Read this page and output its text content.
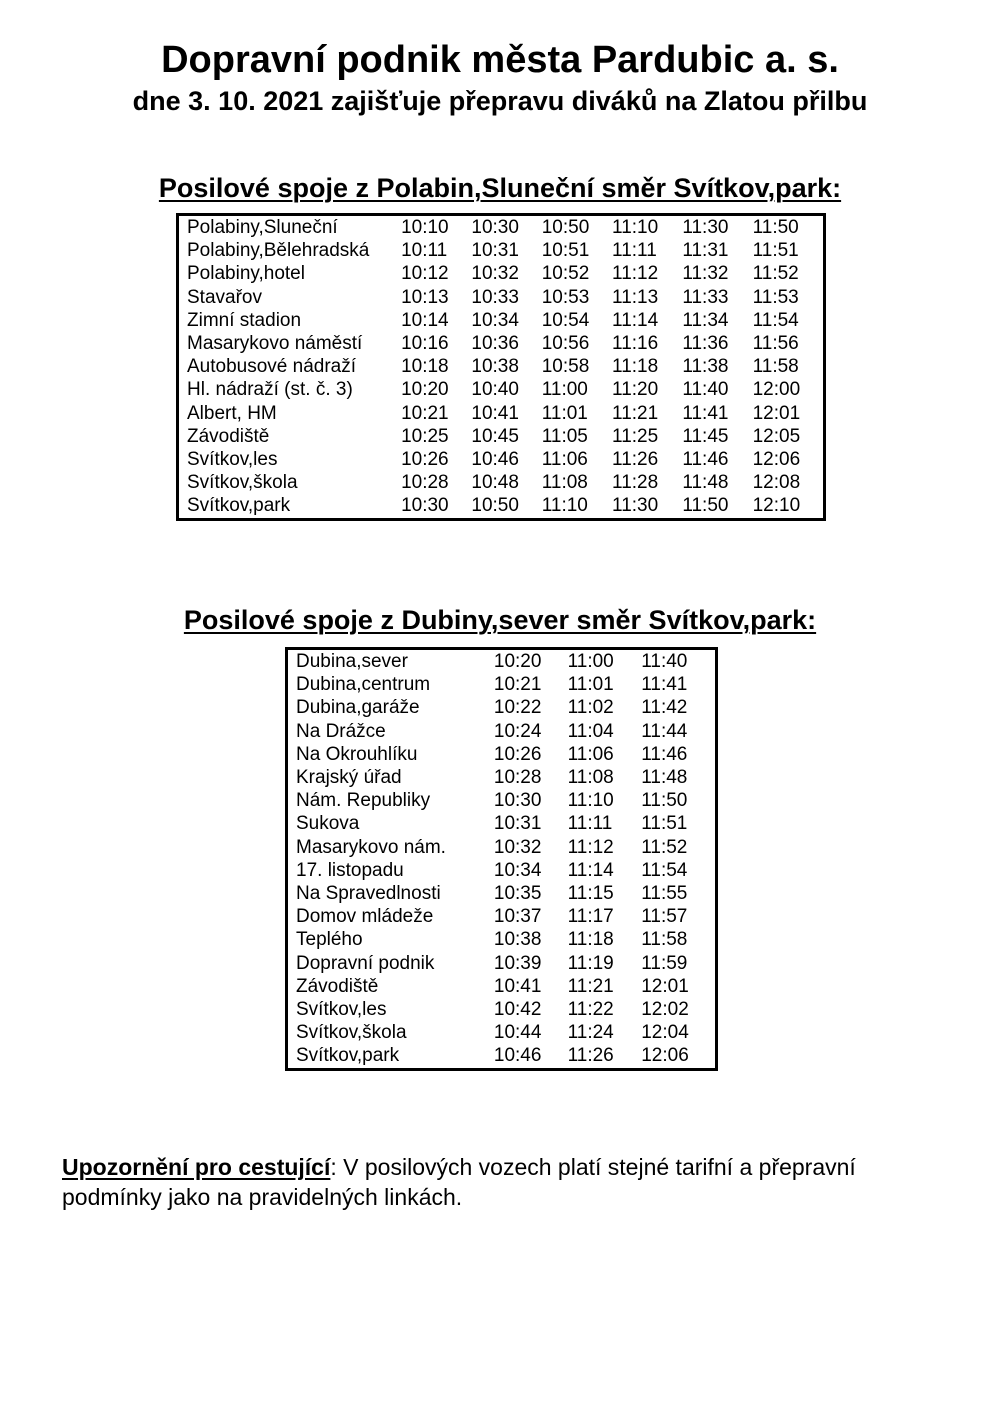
Dopravní podnik města Pardubic a. s.
dne 3. 10. 2021 zajišťuje přepravu diváků na Zlatou přilbu
Posilové spoje z Polabin,Sluneční směr Svítkov,park:
Polabiny,Sluneční	10:10	10:30	10:50	11:10	11:30	11:50
Polabiny,Bělehradská	10:11	10:31	10:51	11:11	11:31	11:51
Polabiny,hotel	10:12	10:32	10:52	11:12	11:32	11:52
Stavařov	10:13	10:33	10:53	11:13	11:33	11:53
Zimní stadion	10:14	10:34	10:54	11:14	11:34	11:54
Masarykovo náměstí	10:16	10:36	10:56	11:16	11:36	11:56
Autobusové nádraží	10:18	10:38	10:58	11:18	11:38	11:58
Hl. nádraží (st. č. 3)	10:20	10:40	11:00	11:20	11:40	12:00
Albert, HM	10:21	10:41	11:01	11:21	11:41	12:01
Závodiště	10:25	10:45	11:05	11:25	11:45	12:05
Svítkov,les	10:26	10:46	11:06	11:26	11:46	12:06
Svítkov,škola	10:28	10:48	11:08	11:28	11:48	12:08
Svítkov,park	10:30	10:50	11:10	11:30	11:50	12:10
Posilové spoje z Dubiny,sever směr Svítkov,park:
Dubina,sever	10:20	11:00	11:40
Dubina,centrum	10:21	11:01	11:41
Dubina,garáže	10:22	11:02	11:42
Na Drážce	10:24	11:04	11:44
Na Okrouhlíku	10:26	11:06	11:46
Krajský úřad	10:28	11:08	11:48
Nám. Republiky	10:30	11:10	11:50
Sukova	10:31	11:11	11:51
Masarykovo nám.	10:32	11:12	11:52
17. listopadu	10:34	11:14	11:54
Na Spravedlnosti	10:35	11:15	11:55
Domov mládeže	10:37	11:17	11:57
Teplého	10:38	11:18	11:58
Dopravní podnik	10:39	11:19	11:59
Závodiště	10:41	11:21	12:01
Svítkov,les	10:42	11:22	12:02
Svítkov,škola	10:44	11:24	12:04
Svítkov,park	10:46	11:26	12:06

Upozornění pro cestující: V posilových vozech platí stejné tarifní a přepravní podmínky jako na pravidelných linkách.
